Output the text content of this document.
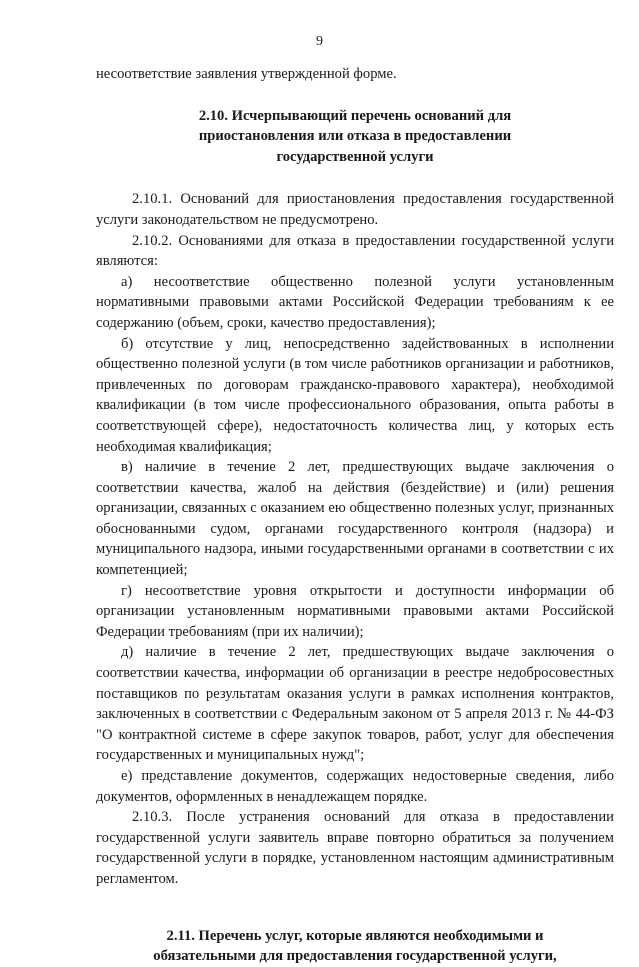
9

несоответствие заявления утвержденной форме.

2.10. Исчерпывающий перечень оснований для приостановления или отказа в предоставлении государственной услуги

2.10.1. Оснований для приостановления предоставления государственной услуги законодательством не предусмотрено.

2.10.2. Основаниями для отказа в предоставлении государственной услуги являются:

а) несоответствие общественно полезной услуги установленным нормативными правовыми актами Российской Федерации требованиям к ее содержанию (объем, сроки, качество предоставления);

б) отсутствие у лиц, непосредственно задействованных в исполнении общественно полезной услуги (в том числе работников организации и работников, привлеченных по договорам гражданско-правового характера), необходимой квалификации (в том числе профессионального образования, опыта работы в соответствующей сфере), недостаточность количества лиц, у которых есть необходимая квалификация;

в) наличие в течение 2 лет, предшествующих выдаче заключения о соответствии качества, жалоб на действия (бездействие) и (или) решения организации, связанных с оказанием ею общественно полезных услуг, признанных обоснованными судом, органами государственного контроля (надзора) и муниципального надзора, иными государственными органами в соответствии с их компетенцией;

г) несоответствие уровня открытости и доступности информации об организации установленным нормативными правовыми актами Российской Федерации требованиям (при их наличии);

д) наличие в течение 2 лет, предшествующих выдаче заключения о соответствии качества, информации об организации в реестре недобросовестных поставщиков по результатам оказания услуги в рамках исполнения контрактов, заключенных в соответствии с Федеральным законом от 5 апреля 2013 г. № 44-ФЗ "О контрактной системе в сфере закупок товаров, работ, услуг для обеспечения государственных и муниципальных нужд";

е) представление документов, содержащих недостоверные сведения, либо документов, оформленных в ненадлежащем порядке.

2.10.3. После устранения оснований для отказа в предоставлении государственной услуги заявитель вправе повторно обратиться за получением государственной услуги в порядке, установленном настоящим административным регламентом.

2.11. Перечень услуг, которые являются необходимыми и обязательными для предоставления государственной услуги,
